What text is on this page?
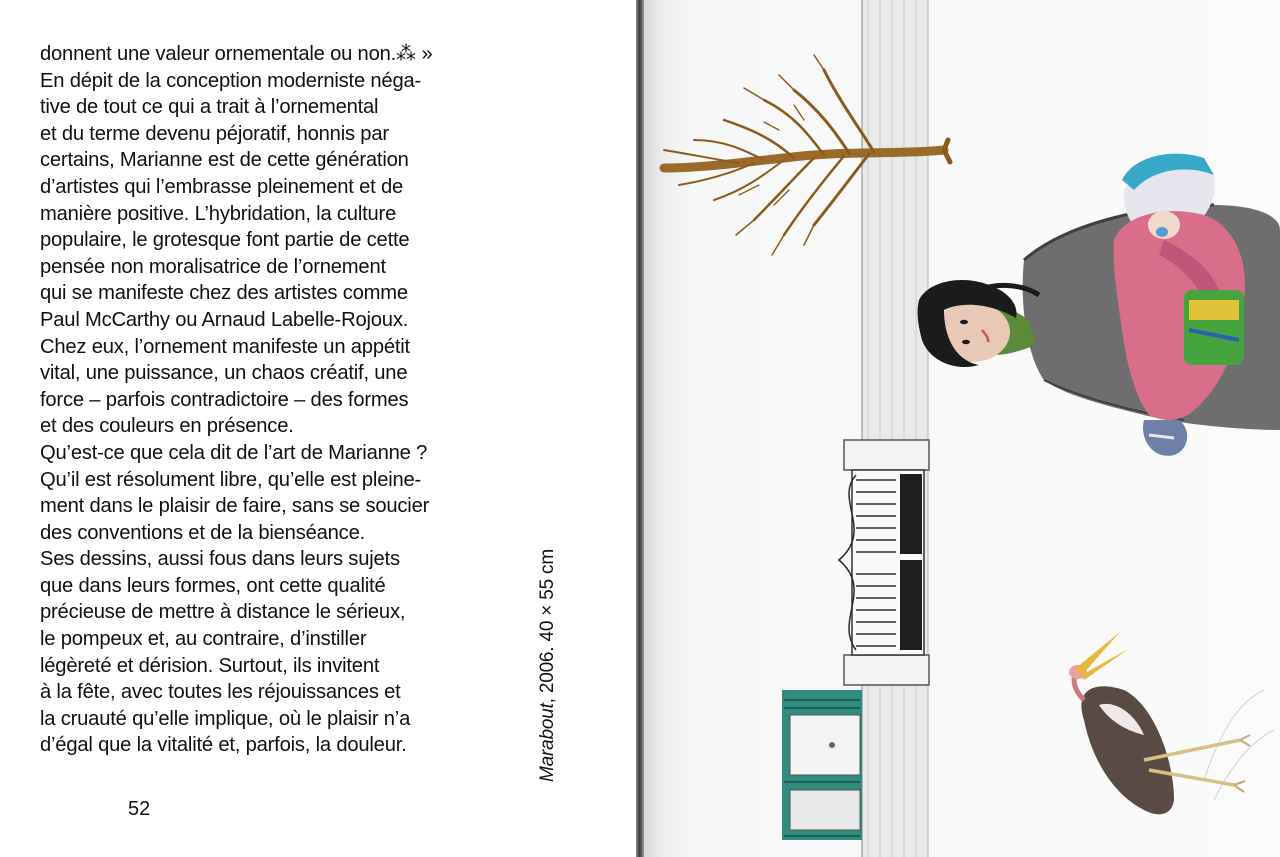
donnent une valeur ornementale ou non.⁂ »
En dépit de la conception moderniste néga-
tive de tout ce qui a trait à l’ornemental
et du terme devenu péjoratif, honnis par
certains, Marianne est de cette génération
d’artistes qui l’embrasse pleinement et de
manière positive. L’hybridation, la culture
populaire, le grotesque font partie de cette
pensée non moralisatrice de l’ornement
qui se manifeste chez des artistes comme
Paul McCarthy ou Arnaud Labelle-Rojoux.
Chez eux, l’ornement manifeste un appétit
vital, une puissance, un chaos créatif, une
force – parfois contradictoire – des formes
et des couleurs en présence.
Qu’est-ce que cela dit de l’art de Marianne ?
Qu’il est résolument libre, qu’elle est pleine-
ment dans le plaisir de faire, sans se soucier
des conventions et de la bienséance.
Ses dessins, aussi fous dans leurs sujets
que dans leurs formes, ont cette qualité
précieuse de mettre à distance le sérieux,
le pompeux et, au contraire, d’instiller
légèreté et dérision. Surtout, ils invitent
à la fête, avec toutes les réjouissances et
la cruauté qu’elle implique, où le plaisir n’a
d’égal que la vitalité et, parfois, la douleur.
52
Marabout, 2006. 40 × 55 cm
